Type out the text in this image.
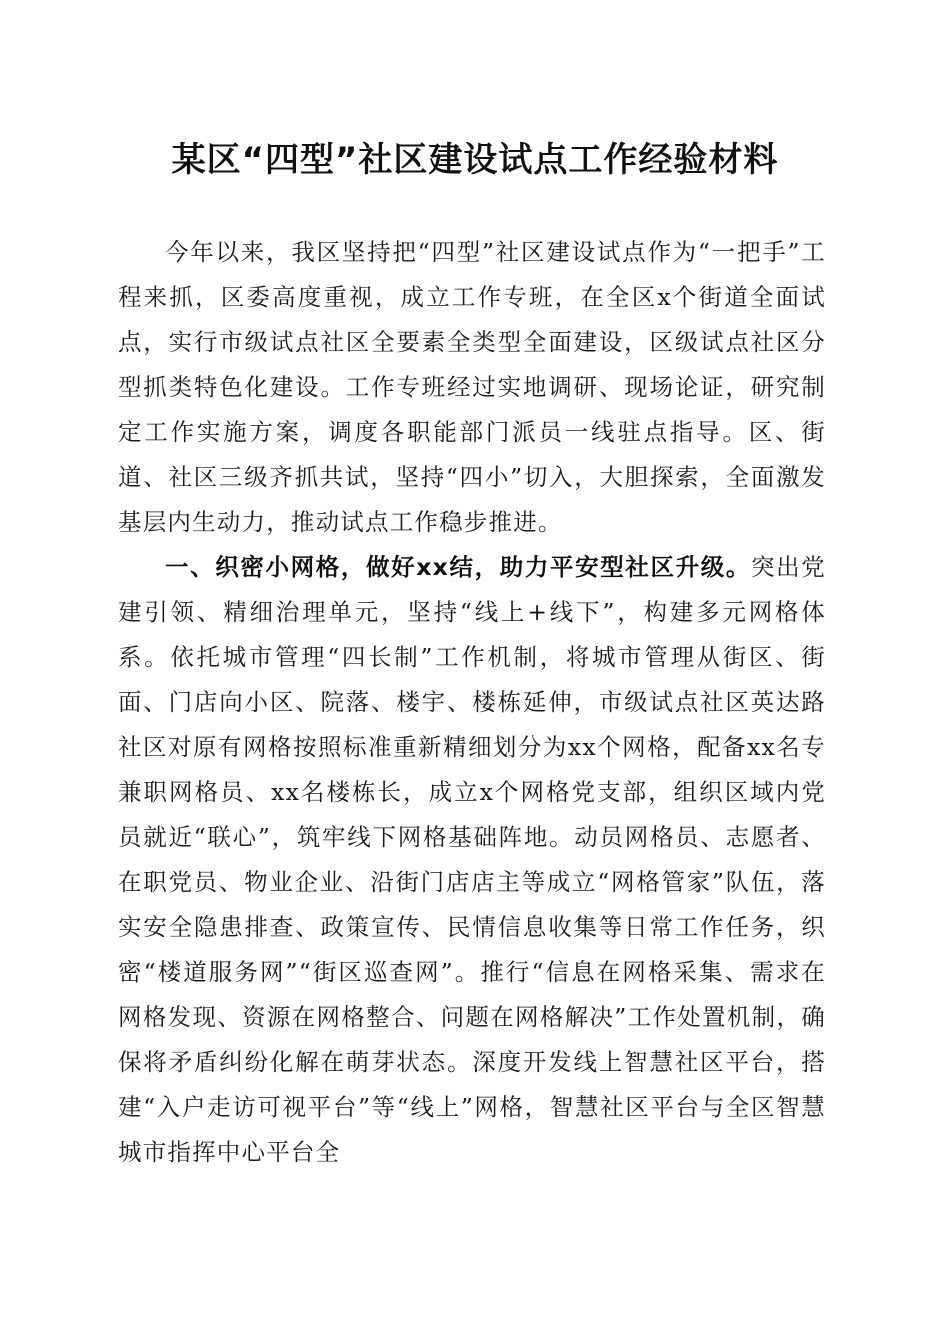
某区“四型”社区建设试点工作经验材料

今年以来，我区坚持把“四型”社区建设试点作为“一把手”工程来抓，区委高度重视，成立工作专班，在全区x个街道全面试点，实行市级试点社区全要素全类型全面建设，区级试点社区分型抓类特色化建设。工作专班经过实地调研、现场论证，研究制定工作实施方案，调度各职能部门派员一线驻点指导。区、街道、社区三级齐抓共试，坚持“四小”切入，大胆探索，全面激发基层内生动力，推动试点工作稳步推进。

一、织密小网格，做好xx结，助力平安型社区升级。突出党建引领、精细治理单元，坚持“线上+线下”，构建多元网格体系。依托城市管理“四长制”工作机制，将城市管理从街区、街面、门店向小区、院落、楼宇、楼栋延伸，市级试点社区英达路社区对原有网格按照标准重新精细划分为xx个网格，配备xx名专兼职网格员、xx名楼栋长，成立x个网格党支部，组织区域内党员就近“联心”，筑牢线下网格基础阵地。动员网格员、志愿者、在职党员、物业企业、沿街门店店主等成立“网格管家”队伍，落实安全隐患排查、政策宣传、民情信息收集等日常工作任务，织密“楼道服务网”“街区巡查网”。推行“信息在网格采集、需求在网格发现、资源在网格整合、问题在网格解决”工作处置机制，确保将矛盾纠纷化解在萌芽状态。深度开发线上智慧社区平台，搭建“入户走访可视平台”等“线上”网格，智慧社区平台与全区智慧城市指挥中心平台全
